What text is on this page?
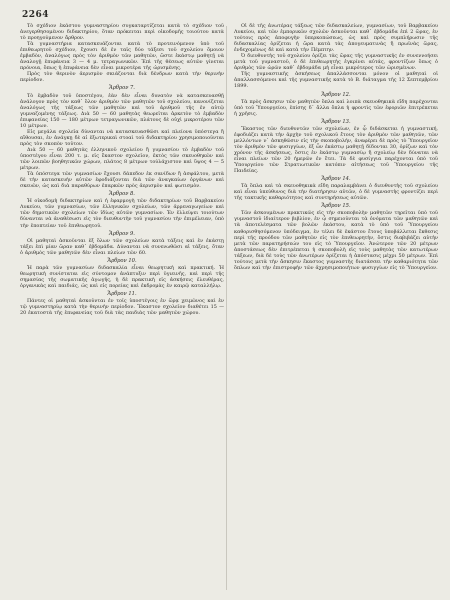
2264
Τὸ σχέδιον ἑκάστου γυμναστηρίου συγκαταρτίζεται κατὰ τὸ σχέδιον τοῦ ἀνεγερθησομένου διδακτηρίου, ὅταν πρόκειται περὶ οἰκοδομῆς τοιούτου κατὰ τὸ προηγούμενον ἄρθρον.
Τὰ γυμναστήρια κατασκευάζονται κατὰ τὸ προτεινόμενον ὑπὸ τοῦ ἐπιθεωρητοῦ σχέδιον, ἔχουσι δὲ ἐν ταῖς δύο τάξεσι τοῦ σχολείου ὅμοιον ἐμβαδὸν, ἀναλόγως πρὸς τὸν ἀριθμὸν τῶν μαθητῶν, ὥστε ἑκάστῳ μαθητῇ νὰ ἀναλογῇ ἐπιφάνεια 3 — 4 μ. τετραγωνικῶν. Ἐπὶ τῆς θέσεως αὐτῶν γίνεται πρόνοια, ὅπως ἡ ἐπιφάνεια δὲν εἶναι μικροτέρα τῆς ὡρισμένης.
Πρὸς τὸν θερινὸν ἀερισμὸν σκιάζονται διὰ δένδρων κατὰ τὴν θερινὴν περίοδον.
Ἄρθρον 7.
Τὸ ἐμβαδὸν τοῦ ὑποστέγου, ἐὰν δὲν εἶναι δυνατὸν νὰ κατασκευασθῇ ἀνάλογον πρὸς τὸν καθ᾽ ὅλον ἀριθμὸν τῶν μαθητῶν τοῦ σχολείου, κανονίζεται ἀναλόγως τῆς τάξεως τῶν μαθητῶν καὶ τοῦ ἀριθμοῦ τῆς ἐν αὐτῷ γυμναζομένης τάξεως. Διὰ 50 — 60 μαθητὰς θεωρεῖται ἀρκετὸν τὸ ἐμβαδὸν ἐπιφανείας 150 — 180 μέτρων τετραγωνικῶν, πλάτους δὲ οὐχὶ μικροτέρου τῶν 10 μέτρων.
Εἰς μεγάλα σχολεῖα δύνανται νὰ κατασκευασθῶσι καὶ πλείονα ὑπόστεγα ἢ αἴθουσαι, ἐν ἀνάγκῃ δὲ αἱ ἐξωτερικαὶ στοαὶ τοῦ διδακτηρίου χρησιμοποιοῦνται πρὸς τὸν σκοπὸν τοῦτον.
Διὰ 50 — 60 μαθητὰς ἑλληνικοῦ σχολείου ἢ γυμνασίου τὸ ἐμβαδὸν τοῦ ὑποστέγου εἶναι 200 τ. μ. εἰς ἕκαστον σχολεῖον, ἐκτὸς τῶν σκευοθηκῶν καὶ τῶν λοιπῶν βοηθητικῶν χώρων, πλάτος 8 μέτρων τούλάχιστον καὶ ὕψος 4 — 5 μέτρων.
Τὰ ὑπόστεγα τῶν γυμνασίων ἔχουσι δάπεδον ἐκ σανίδων ἢ ἀσφάλτου, μετὰ δὲ τὴν κατασκευὴν αὐτῶν ἐφοδιάζονται διὰ τῶν ἀναγκαίων ὀργάνων καὶ σκευῶν, ὡς καὶ διὰ παραθύρων ἐπαρκῶν πρὸς ἀερισμὸν καὶ φωτισμὸν.
Ἄρθρον 8.
Ἡ οἰκοδομὴ διδακτηρίων καὶ ἡ ἐφαρμογὴ τῶν διδακτηρίων τοῦ Βαρβακείου Λυκείου, τῶν γυμνασίων, τῶν ἑλληνικῶν σχολείων, τῶν ἀρρεναγωγείων καὶ τῶν δημοτικῶν σχολείων τῶν ἰδίως αὐτῶν γυμνασίων. Ἐν ἐλλείψει τοιούτων δύνανται νὰ ἀναθέσωσι εἰς τὸν διευθυντὴν τοῦ γυμνασίου τὴν ἐπιμέλειαν, ὑπὸ τὴν ἐποπτείαν τοῦ ἐπιθεωρητοῦ.
Ἄρθρον 9.
Οἱ μαθηταὶ ἀσκοῦνται ἐξ ὅλων τῶν σχολείων κατὰ τάξεις καὶ ἐν ἑκάστῃ τάξει ἐπὶ μίαν ὥραν καθ᾽ ἑβδομάδα. Δύνανται νὰ συνενωθῶσι αἱ τάξεις, ὅταν ὁ ἀριθμὸς τῶν μαθητῶν δὲν εἶναι πλείων τῶν 60.
Ἄρθρον 10.
Ἡ παρὰ τῶν γυμνασίων διδασκαλία εἶναι θεωρητικὴ καὶ πρακτική. Ἡ θεωρητικὴ συνίσταται εἰς σύντομον ἀνάπτυξιν περὶ ὑγιεινῆς, καὶ περὶ τῆς σημασίας τῆς σωματικῆς ἀγωγῆς, ἡ δὲ πρακτικὴ εἰς ἀσκήσεις ἐλευθέρας, ὀργανικὰς καὶ παιδιάς, ὡς καὶ εἰς πορείας καὶ ἐκδρομὰς ἐν καιρῷ καταλλήλῳ.
Ἄρθρον 11.
Πάντες οἱ μαθηταὶ ἀσκοῦνται ἐν τοῖς ὑποστέγοις ἐν ὥρᾳ χειμῶνος καὶ ἐν τῷ γυμναστηρίῳ κατὰ τὴν θερινὴν περίοδον. Ἕκαστον σχολεῖον διαθέτει 15 — 20 ἑκατοστὰ τῆς ἐπιφανείας τοῦ διὰ τὰς παιδιὰς τῶν μαθητῶν χώρου.
Οἱ δὲ τῆς ἀνωτέρας τάξεως τῶν διδασκαλείων, γυμνασίων, τοῦ Βαρβακείου Λυκείου, καὶ τῶν ἐμπορικῶν σχολῶν ἀσκοῦνται καθ᾽ ἑβδομάδα ἐπὶ 2 ὥρας, ἐν τούτοις πρὸς ἀποφυγὴν ὑπερκοπώσεως, ὡς καὶ πρὸς συμπλήρωσιν τῆς διδασκαλίας ὁρίζεται ἡ ὥρα κατὰ τὰς ἀπογευματινὰς ἢ πρωϊνὰς ὥρας, ἐνδεχομένως δὲ καὶ κατὰ τὴν Πέμπτην.
Ὁ διευθυντὴς τοῦ σχολείου ὁρίζει τὰς ὥρας τῆς γυμναστικῆς ἐν συνεννοήσει μετὰ τοῦ γυμναστοῦ, ὁ δὲ ἐπιθεωρητὴς ἐγκρίνει αὐτάς, φροντίζων ὅπως ὁ ἀριθμὸς τῶν ὡρῶν καθ᾽ ἑβδομάδα μὴ εἶναι μικρότερος τῶν ὡρισμένων.
Τῆς γυμναστικῆς ἀσκήσεως ἀπαλλάσσονται μόνον οἱ μαθηταὶ οἱ ἀπαλλασσόμενοι καὶ τῆς γυμναστικῆς κατὰ τὸ Β. διάταγμα τῆς 12 Σεπτεμβρίου 1899.
Ἄρθρον 12.
Τὰ πρὸς ἄσκησιν τῶν μαθητῶν ὅπλα καὶ λοιπὰ σκευοθηκικὰ εἴδη παρέχονται ὑπὸ τοῦ Ὑπουργείου, ἐπίσης δ᾽ ἄλλα ὅπλα ἡ φροντὶς τῶν ἐφοριῶν ἐπιτρέπεται ἡ χρῆσις.
Ἄρθρον 13.
Ἕκαστος τῶν διευθυντῶν τῶν σχολείων, ἐν ᾧ διδάσκεται ἡ γυμναστική, ἐφοδιάζει κατὰ τὴν ἀρχὴν τοῦ σχολικοῦ ἔτους τὸν ἀριθμὸν τῶν μαθητῶν, τῶν μελλόντων ν᾽ ἀσκηθῶσιν εἰς τὴν σκοποβολήν, ἀναφέρει δὲ πρὸς τὸ Ὑπουργεῖον τὸν ἀριθμὸν τῶν φυσιγγίων, ἐξ ὧν ἑκάστῳ μαθητῇ δίδονται 30, ὁρίζων καὶ τὸν χρόνον τῆς ἀσκήσεως, ὅστις ἐν ἑκάστῳ γυμνασίῳ ἢ σχολείῳ δὲν δύναται νὰ εἶναι πλείων τῶν 20 ἡμερῶν ἐν ἔτει. Τὰ δὲ φυσίγγια παρέχονται ὑπὸ τοῦ Ὑπουργείου τῶν Στρατιωτικῶν κατόπιν αἰτήσεως τοῦ Ὑπουργείου τῆς Παιδείας.
Ἄρθρον 14.
Τὰ ὅπλα καὶ τὰ σκευοθηκικὰ εἴδη παραλαμβάνει ὁ διευθυντὴς τοῦ σχολείου καὶ εἶναι ὑπεύθυνος διὰ τὴν διατήρησιν αὐτῶν, ὁ δὲ γυμναστὴς φροντίζει περὶ τῆς τακτικῆς καθαριότητος καὶ συντηρήσεως αὐτῶν.
Ἄρθρον 15.
Τῶν ἀσκουμένων πρακτικῶς εἰς τὴν σκοποβολὴν μαθητῶν τηρεῖται ὑπὸ τοῦ γυμναστοῦ ἰδιαίτερον βιβλίον, ἐν ᾧ σημειοῦνται τὰ ὀνόματα τῶν μαθητῶν καὶ τὰ ἀποτελέσματα τῶν βολῶν ἑκάστου, κατὰ τὸ ὑπὸ τοῦ Ὑπουργείου καθορισθησόμενον ὑπόδειγμα, ἐν τέλει δὲ ἑκάστου ἔτους ὑποβάλλεται ἔκθεσις περὶ τῆς προόδου τῶν μαθητῶν εἰς τὸν ἐπιθεωρητὴν, ὅστις διαβιβάζει αὐτὴν μετὰ τῶν παρατηρήσεών του εἰς τὸ Ὑπουργεῖον. Ἀνώτερον τῶν 20 μέτρων ἀποστάσεως δὲν ἐπιτρέπεται ἡ σκοποβολὴ εἰς τοὺς μαθητὰς τῶν κατωτέρων τάξεων, διὰ δὲ τοὺς τῶν ἀνωτέρων ὁρίζεται ἡ ἀπόστασις μέχρι 50 μέτρων. Ἐπὶ τούτοις μετὰ τὴν ἄσκησιν ἕκαστος γυμναστὴς διατάσσει τὴν καθαριότητα τῶν ὅπλων καὶ τὴν ἐπιστροφὴν τῶν ἀχρησιμοποιήτων φυσιγγίων εἰς τὸ Ὑπουργεῖον.
